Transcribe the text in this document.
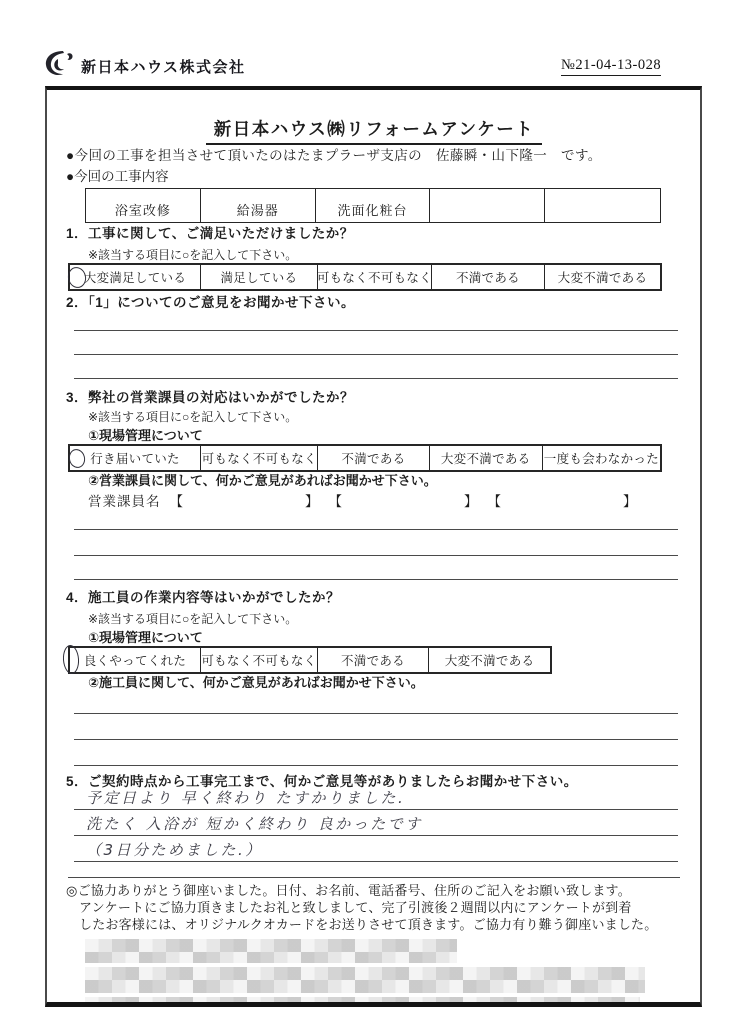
新日本ハウス株式会社	№21-04-13-028
新日本ハウス㈱リフォームアンケート
●今回の工事を担当させて頂いたのはたまプラーザ支店の　佐藤瞬・山下隆一　です。
●今回の工事内容
浴室改修	給湯器	洗面化粧台
1．工事に関して、ご満足いただけましたか？
※該当する項目に○を記入して下さい。
大変満足している	満足している 可もなく不可もなく 不満である	大変不満である
2．「1」についてのご意見をお聞かせ下さい。
3．弊社の営業課員の対応はいかがでしたか？
※該当する項目に○を記入して下さい。
①現場管理について
行き届いていた 可もなく不可もなく 不満である	大変不満である 一度も会わなかった
②営業課員に関して、何かご意見があればお聞かせ下さい。
営業課員名 【	】 【	】 【	】
4．施工員の作業内容等はいかがでしたか？
※該当する項目に○を記入して下さい。
①現場管理について
良くやってくれた 可もなく不可もなく 不満である	大変不満である
②施工員に関して、何かご意見があればお聞かせ下さい。
5．ご契約時点から工事完工まで、何かご意見等がありましたらお聞かせ下さい。
予定日より 早く終わり たすかりました.
洗たく 入浴が 短かく終わり 良かったです
（3日分ためました.）
◎ご協力ありがとう御座いました。日付、お名前、電話番号、住所のご記入をお願い致します。
アンケートにご協力頂きましたお礼と致しまして、完了引渡後２週間以内にアンケートが到着
したお客様には、オリジナルクオカードをお送りさせて頂きます。ご協力有り難う御座いました。
